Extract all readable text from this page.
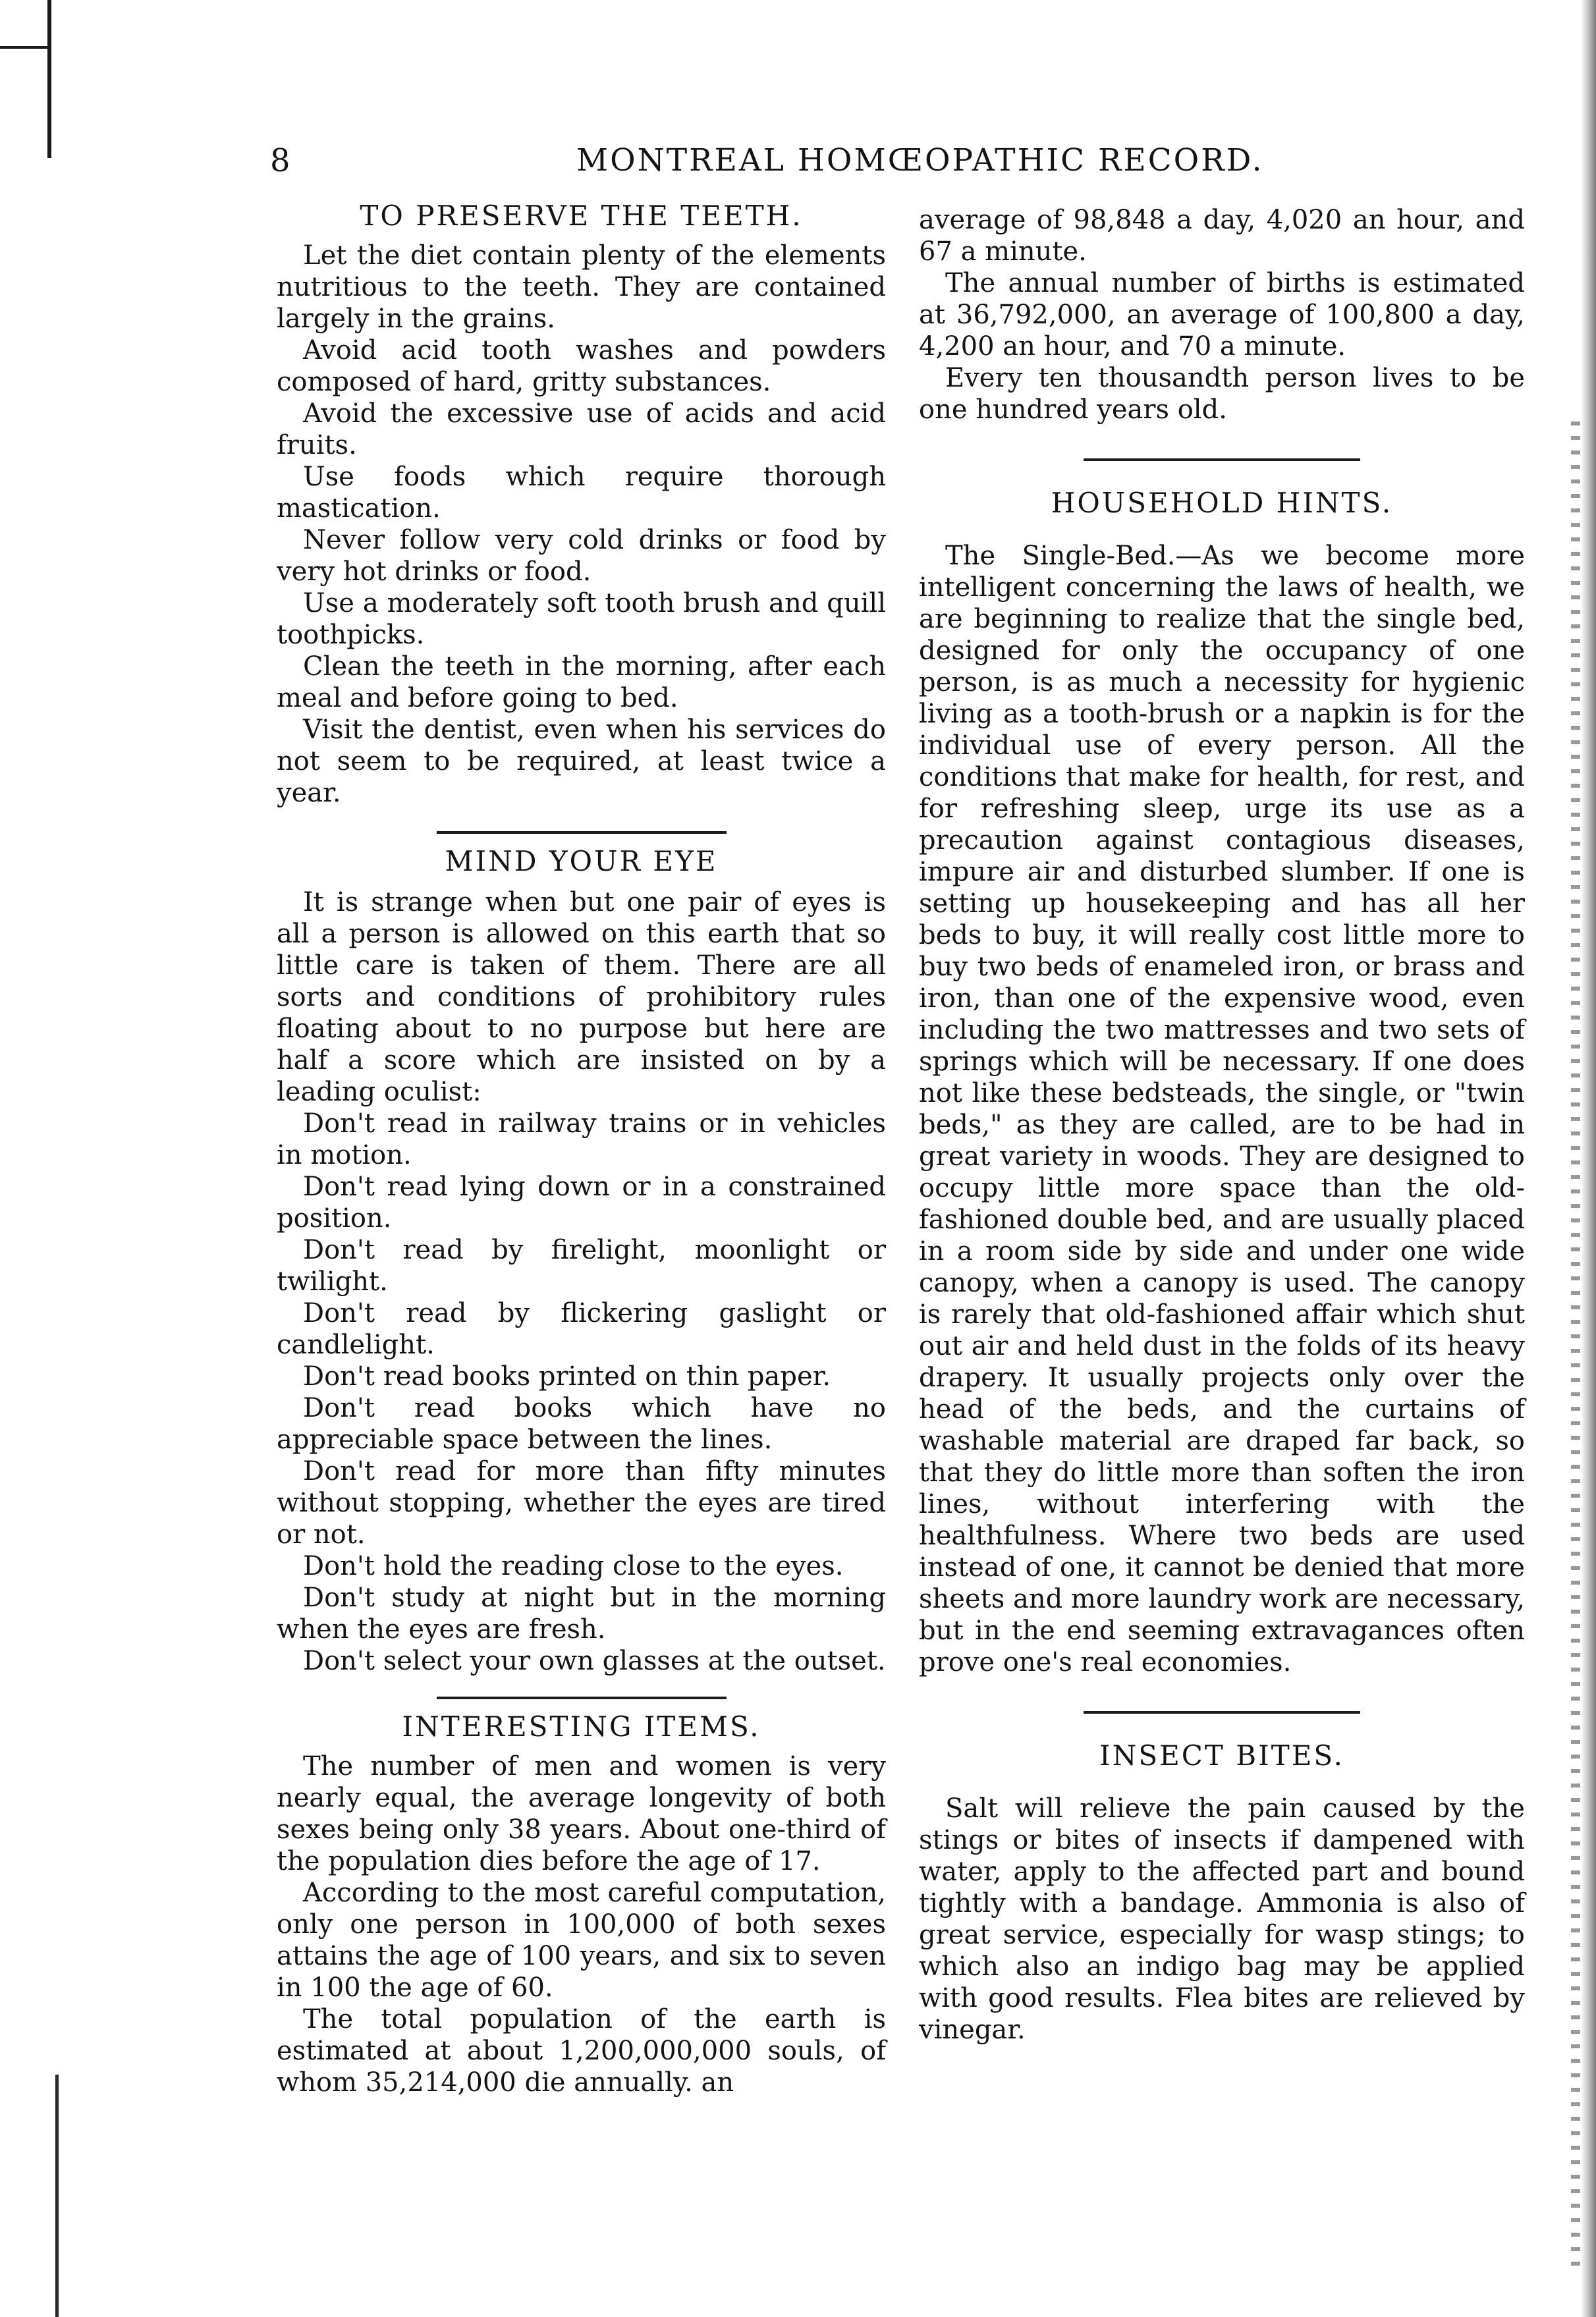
8	MONTREAL HOMŒOPATHIC RECORD.
TO PRESERVE THE TEETH.

Let the diet contain plenty of the elements nutritious to the teeth. They are contained largely in the grains.

Avoid acid tooth washes and powders composed of hard, gritty substances.

Avoid the excessive use of acids and acid fruits.

Use foods which require thorough mastication.

Never follow very cold drinks or food by very hot drinks or food.

Use a moderately soft tooth brush and quill toothpicks.

Clean the teeth in the morning, after each meal and before going to bed.

Visit the dentist, even when his services do not seem to be required, at least twice a year.

MIND YOUR EYE

It is strange when but one pair of eyes is all a person is allowed on this earth that so little care is taken of them. There are all sorts and conditions of prohibitory rules floating about to no purpose but here are half a score which are insisted on by a leading oculist:

Don't read in railway trains or in vehicles in motion.

Don't read lying down or in a constrained position.

Don't read by firelight, moonlight or twilight.

Don't read by flickering gaslight or candlelight.

Don't read books printed on thin paper.

Don't read books which have no appreciable space between the lines.

Don't read for more than fifty minutes without stopping, whether the eyes are tired or not.

Don't hold the reading close to the eyes.

Don't study at night but in the morning when the eyes are fresh.

Don't select your own glasses at the outset.

INTERESTING ITEMS.

The number of men and women is very nearly equal, the average longevity of both sexes being only 38 years. About one-third of the population dies before the age of 17.

According to the most careful computation, only one person in 100,000 of both sexes attains the age of 100 years, and six to seven in 100 the age of 60.

The total population of the earth is estimated at about 1,200,000,000 souls, of whom 35,214,000 die annually. an

average of 98,848 a day, 4,020 an hour, and 67 a minute.

The annual number of births is estimated at 36,792,000, an average of 100,800 a day, 4,200 an hour, and 70 a minute.

Every ten thousandth person lives to be one hundred years old.

HOUSEHOLD HINTS.

The Single-Bed.—As we become more intelligent concerning the laws of health, we are beginning to realize that the single bed, designed for only the occupancy of one person, is as much a necessity for hygienic living as a tooth-brush or a napkin is for the individual use of every person. All the conditions that make for health, for rest, and for refreshing sleep, urge its use as a precaution against contagious diseases, impure air and disturbed slumber. If one is setting up housekeeping and has all her beds to buy, it will really cost little more to buy two beds of enameled iron, or brass and iron, than one of the expensive wood, even including the two mattresses and two sets of springs which will be necessary. If one does not like these bedsteads, the single, or "twin beds," as they are called, are to be had in great variety in woods. They are designed to occupy little more space than the old-fashioned double bed, and are usually placed in a room side by side and under one wide canopy, when a canopy is used. The canopy is rarely that old-fashioned affair which shut out air and held dust in the folds of its heavy drapery. It usually projects only over the head of the beds, and the curtains of washable material are draped far back, so that they do little more than soften the iron lines, without interfering with the healthfulness. Where two beds are used instead of one, it cannot be denied that more sheets and more laundry work are necessary, but in the end seeming extravagances often prove one's real economies.

INSECT BITES.

Salt will relieve the pain caused by the stings or bites of insects if dampened with water, apply to the affected part and bound tightly with a bandage. Ammonia is also of great service, especially for wasp stings; to which also an indigo bag may be applied with good results. Flea bites are relieved by vinegar.
